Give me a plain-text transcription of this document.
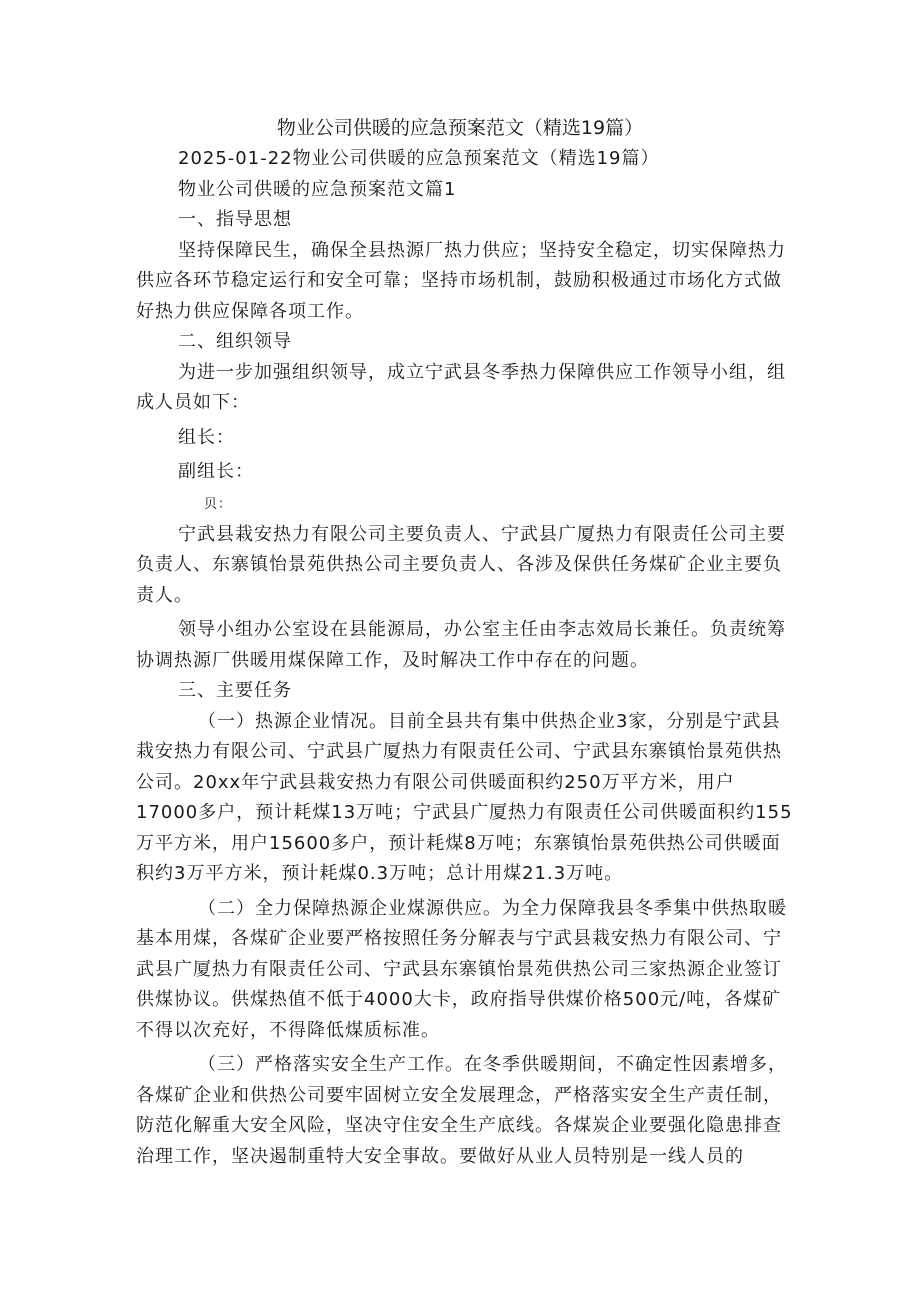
物业公司供暖的应急预案范文（精选19篇）

2025-01-22物业公司供暖的应急预案范文（精选19篇）

物业公司供暖的应急预案范文篇1

一、指导思想

坚持保障民生，确保全县热源厂热力供应；坚持安全稳定，切实保障热力供应各环节稳定运行和安全可靠；坚持市场机制，鼓励积极通过市场化方式做好热力供应保障各项工作。

二、组织领导

为进一步加强组织领导，成立宁武县冬季热力保障供应工作领导小组，组成人员如下：

组长：

副组长：

贝：

宁武县栽安热力有限公司主要负责人、宁武县广厦热力有限责任公司主要负责人、东寨镇怡景苑供热公司主要负责人、各涉及保供任务煤矿企业主要负责人。

领导小组办公室设在县能源局，办公室主任由李志效局长兼任。负责统筹协调热源厂供暖用煤保障工作，及时解决工作中存在的问题。

三、主要任务

（一）热源企业情况。目前全县共有集中供热企业3家，分别是宁武县栽安热力有限公司、宁武县广厦热力有限责任公司、宁武县东寨镇怡景苑供热公司。20xx年宁武县栽安热力有限公司供暖面积约250万平方米，用户17000多户，预计耗煤13万吨；宁武县广厦热力有限责任公司供暖面积约155万平方米，用户15600多户，预计耗煤8万吨；东寨镇怡景苑供热公司供暖面积约3万平方米，预计耗煤0.3万吨；总计用煤21.3万吨。

（二）全力保障热源企业煤源供应。为全力保障我县冬季集中供热取暖基本用煤，各煤矿企业要严格按照任务分解表与宁武县栽安热力有限公司、宁武县广厦热力有限责任公司、宁武县东寨镇怡景苑供热公司三家热源企业签订供煤协议。供煤热值不低于4000大卡，政府指导供煤价格500元/吨，各煤矿不得以次充好，不得降低煤质标准。

（三）严格落实安全生产工作。在冬季供暖期间，不确定性因素增多，各煤矿企业和供热公司要牢固树立安全发展理念，严格落实安全生产责任制，防范化解重大安全风险，坚决守住安全生产底线。各煤炭企业要强化隐患排查治理工作，坚决遏制重特大安全事故。要做好从业人员特别是一线人员的
